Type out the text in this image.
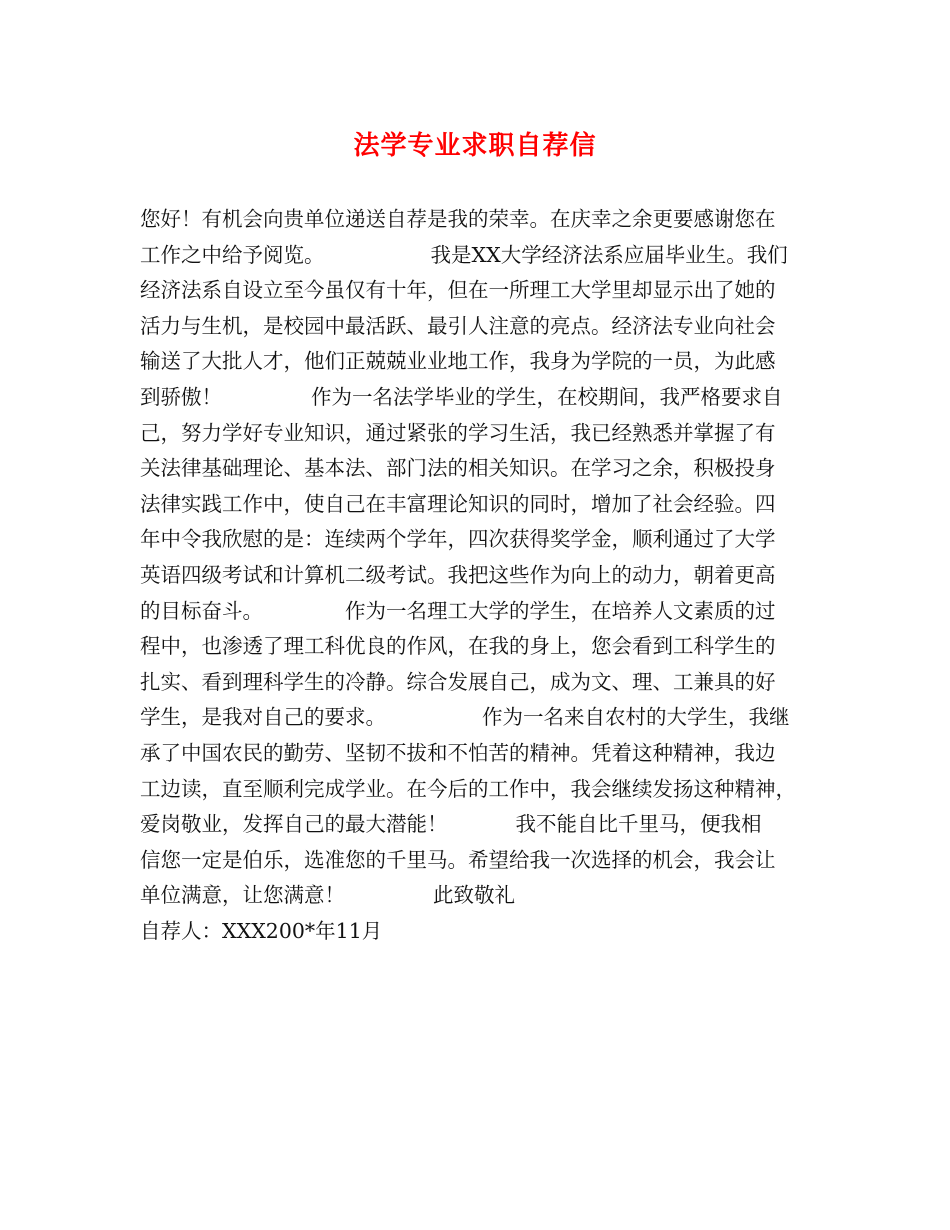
法学专业求职自荐信
您好！有机会向贵单位递送自荐是我的荣幸。在庆幸之余更要感谢您在
工作之中给予阅览。	我是XX大学经济法系应届毕业生。我们
经济法系自设立至今虽仅有十年，但在一所理工大学里却显示出了她的
活力与生机，是校园中最活跃、最引人注意的亮点。经济法专业向社会
输送了大批人才，他们正兢兢业业地工作，我身为学院的一员，为此感
到骄傲！	作为一名法学毕业的学生，在校期间，我严格要求自
己，努力学好专业知识，通过紧张的学习生活，我已经熟悉并掌握了有
关法律基础理论、基本法、部门法的相关知识。在学习之余，积极投身
法律实践工作中，使自己在丰富理论知识的同时，增加了社会经验。四
年中令我欣慰的是：连续两个学年，四次获得奖学金，顺利通过了大学
英语四级考试和计算机二级考试。我把这些作为向上的动力，朝着更高
的目标奋斗。	作为一名理工大学的学生，在培养人文素质的过
程中，也渗透了理工科优良的作风，在我的身上，您会看到工科学生的
扎实、看到理科学生的冷静。综合发展自己，成为文、理、工兼具的好
学生，是我对自己的要求。	作为一名来自农村的大学生，我继
承了中国农民的勤劳、坚韧不拔和不怕苦的精神。凭着这种精神，我边
工边读，直至顺利完成学业。在今后的工作中，我会继续发扬这种精神，
爱岗敬业，发挥自己的最大潜能！	我不能自比千里马，便我相
信您一定是伯乐，选准您的千里马。希望给我一次选择的机会，我会让
单位满意，让您满意！	此致敬礼
自荐人：XXX200*年11月
